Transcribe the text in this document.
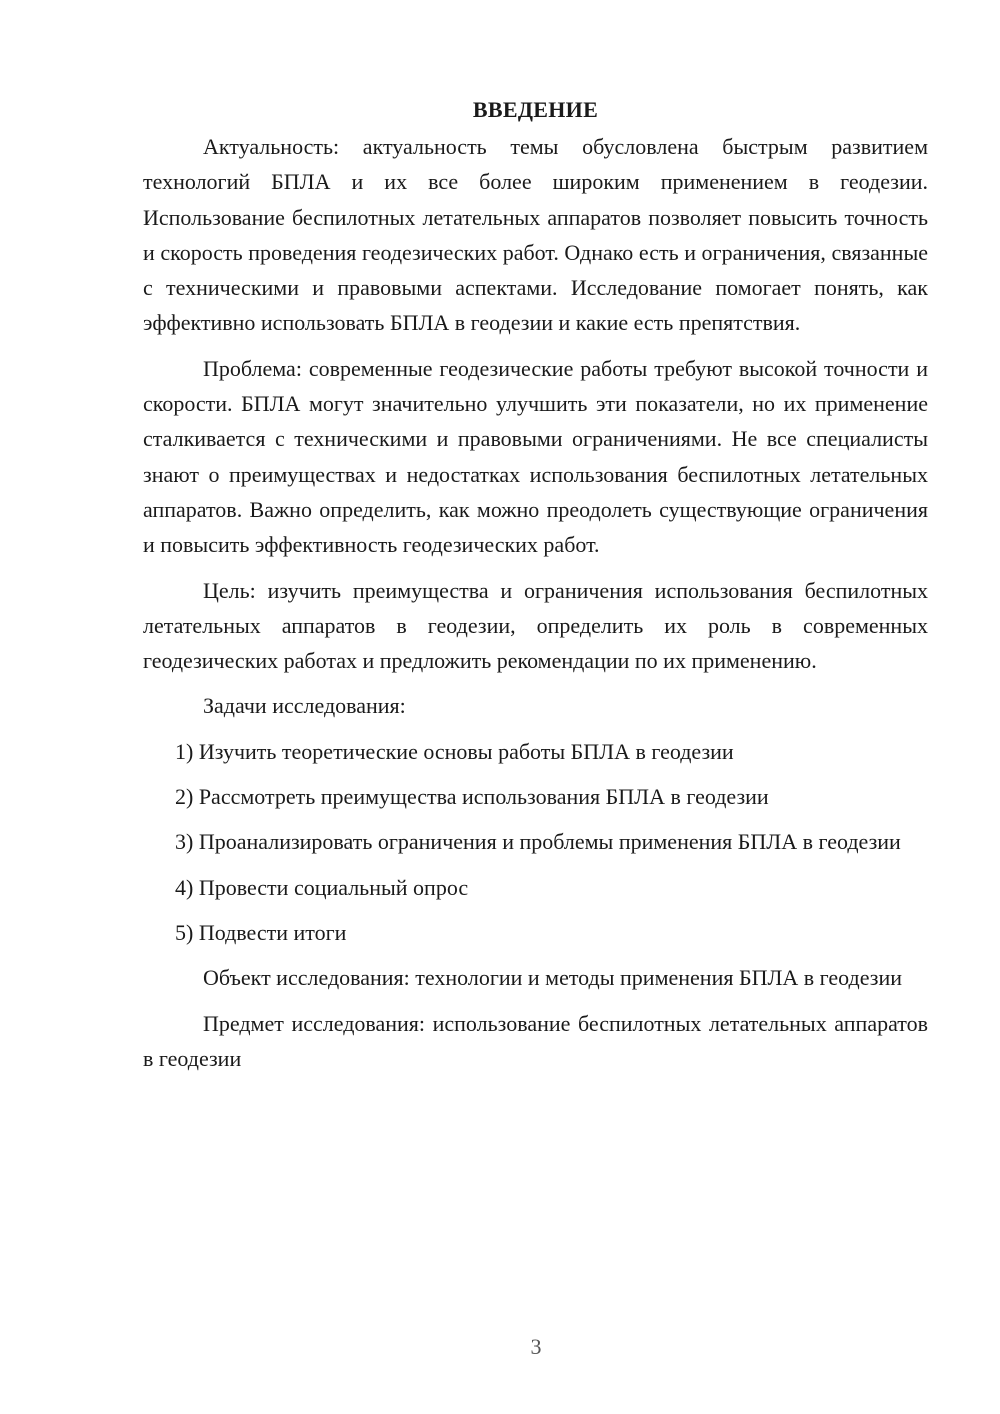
ВВЕДЕНИЕ

Актуальность: актуальность темы обусловлена быстрым развитием технологий БПЛА и их все более широким применением в геодезии. Использование беспилотных летательных аппаратов позволяет повысить точность и скорость проведения геодезических работ. Однако есть и ограничения, связанные с техническими и правовыми аспектами. Исследование помогает понять, как эффективно использовать БПЛА в геодезии и какие есть препятствия.

Проблема: современные геодезические работы требуют высокой точности и скорости. БПЛА могут значительно улучшить эти показатели, но их применение сталкивается с техническими и правовыми ограничениями. Не все специалисты знают о преимуществах и недостатках использования беспилотных летательных аппаратов. Важно определить, как можно преодолеть существующие ограничения и повысить эффективность геодезических работ.

Цель: изучить преимущества и ограничения использования беспилотных летательных аппаратов в геодезии, определить их роль в современных геодезических работах и предложить рекомендации по их применению.

Задачи исследования:

1) Изучить теоретические основы работы БПЛА в геодезии

2) Рассмотреть преимущества использования БПЛА в геодезии

3) Проанализировать ограничения и проблемы применения БПЛА в геодезии

4) Провести социальный опрос

5) Подвести итоги

Объект исследования: технологии и методы применения БПЛА в геодезии

Предмет исследования: использование беспилотных летательных аппаратов в геодезии

3
